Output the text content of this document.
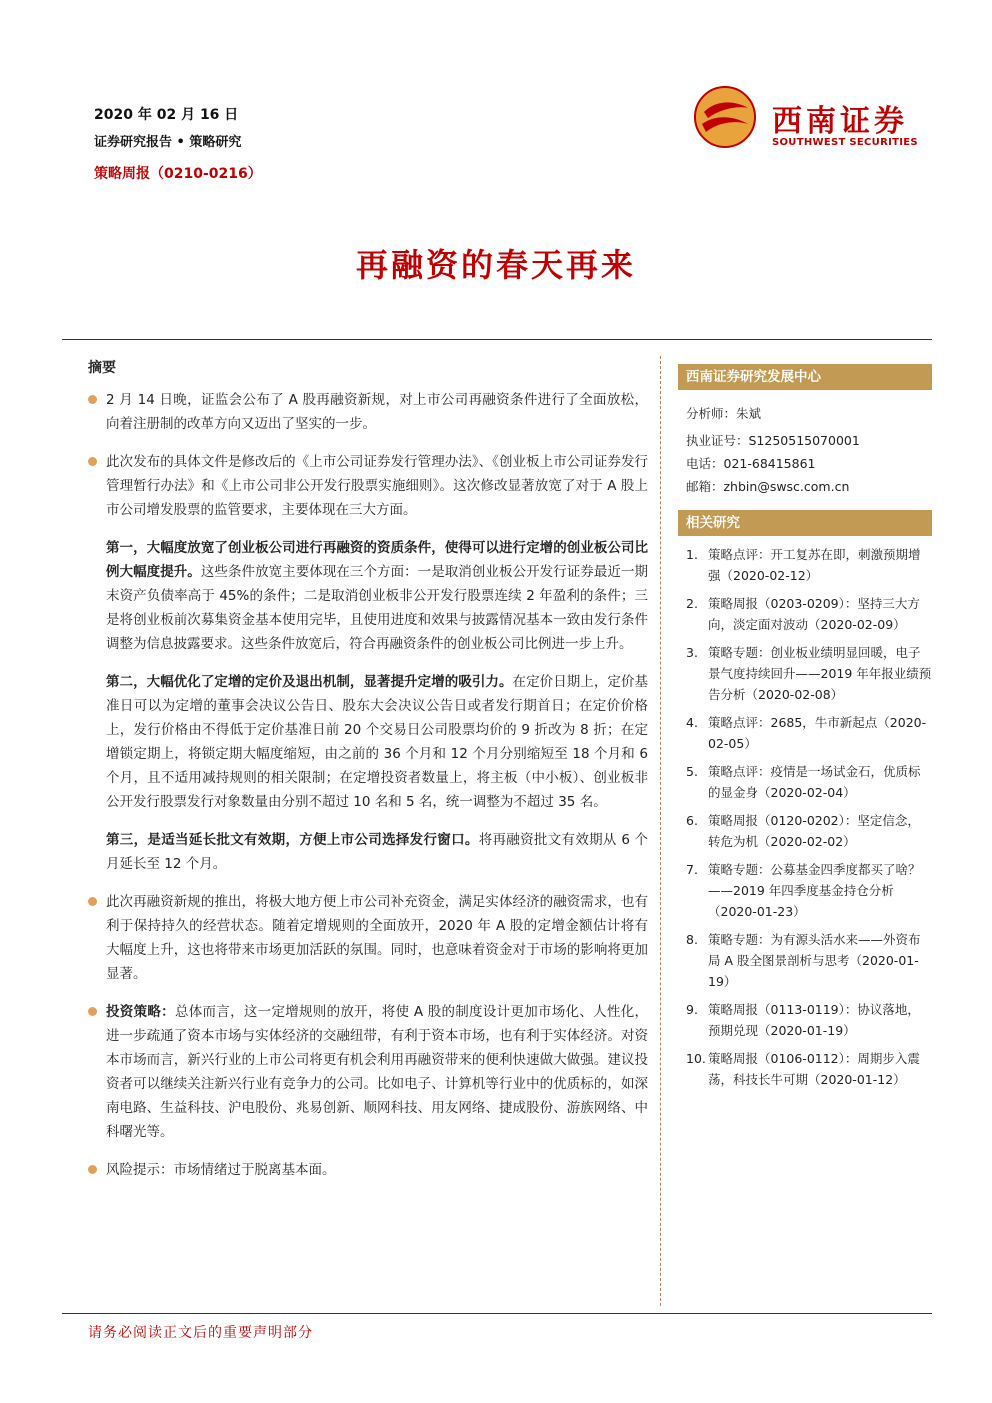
2020 年 02 月 16 日
证券研究报告 • 策略研究
策略周报（0210-0216）
西南证券
SOUTHWEST SECURITIES
再融资的春天再来
摘要
2 月 14 日晚，证监会公布了 A 股再融资新规，对上市公司再融资条件进行了全面放松，向着注册制的改革方向又迈出了坚实的一步。
此次发布的具体文件是修改后的《上市公司证券发行管理办法》、《创业板上市公司证券发行管理暂行办法》和《上市公司非公开发行股票实施细则》。这次修改显著放宽了对于 A 股上市公司增发股票的监管要求，主要体现在三大方面。
第一，大幅度放宽了创业板公司进行再融资的资质条件，使得可以进行定增的创业板公司比例大幅度提升。这些条件放宽主要体现在三个方面：一是取消创业板公开发行证券最近一期末资产负债率高于 45%的条件；二是取消创业板非公开发行股票连续 2 年盈利的条件；三是将创业板前次募集资金基本使用完毕，且使用进度和效果与披露情况基本一致由发行条件调整为信息披露要求。这些条件放宽后，符合再融资条件的创业板公司比例进一步上升。
第二，大幅优化了定增的定价及退出机制，显著提升定增的吸引力。在定价日期上，定价基准日可以为定增的董事会决议公告日、股东大会决议公告日或者发行期首日；在定价价格上，发行价格由不得低于定价基准日前 20 个交易日公司股票均价的 9 折改为 8 折；在定增锁定期上，将锁定期大幅度缩短，由之前的 36 个月和 12 个月分别缩短至 18 个月和 6 个月，且不适用减持规则的相关限制；在定增投资者数量上，将主板（中小板）、创业板非公开发行股票发行对象数量由分别不超过 10 名和 5 名，统一调整为不超过 35 名。
第三，是适当延长批文有效期，方便上市公司选择发行窗口。将再融资批文有效期从 6 个月延长至 12 个月。
此次再融资新规的推出，将极大地方便上市公司补充资金，满足实体经济的融资需求，也有利于保持持久的经营状态。随着定增规则的全面放开，2020 年 A 股的定增金额估计将有大幅度上升，这也将带来市场更加活跃的氛围。同时，也意味着资金对于市场的影响将更加显著。
投资策略：总体而言，这一定增规则的放开，将使 A 股的制度设计更加市场化、人性化，进一步疏通了资本市场与实体经济的交融纽带，有利于资本市场，也有利于实体经济。对资本市场而言，新兴行业的上市公司将更有机会利用再融资带来的便利快速做大做强。建议投资者可以继续关注新兴行业有竞争力的公司。比如电子、计算机等行业中的优质标的，如深南电路、生益科技、沪电股份、兆易创新、顺网科技、用友网络、捷成股份、游族网络、中科曙光等。
风险提示：市场情绪过于脱离基本面。
西南证券研究发展中心
分析师：朱斌
执业证号：S1250515070001
电话：021-68415861
邮箱：zhbin@swsc.com.cn
相关研究
1. 策略点评：开工复苏在即，刺激预期增强（2020-02-12）
2. 策略周报（0203-0209）：坚持三大方向，淡定面对波动（2020-02-09）
3. 策略专题：创业板业绩明显回暖，电子景气度持续回升——2019 年年报业绩预告分析（2020-02-08）
4. 策略点评：2685，牛市新起点（2020-02-05）
5. 策略点评：疫情是一场试金石，优质标的显金身（2020-02-04）
6. 策略周报（0120-0202）：坚定信念，转危为机（2020-02-02）
7. 策略专题：公募基金四季度都买了啥？——2019 年四季度基金持仓分析（2020-01-23）
8. 策略专题：为有源头活水来——外资布局 A 股全图景剖析与思考（2020-01-19）
9. 策略周报（0113-0119）：协议落地，预期兑现（2020-01-19）
10. 策略周报（0106-0112）：周期步入震荡，科技长牛可期（2020-01-12）
请务必阅读正文后的重要声明部分
